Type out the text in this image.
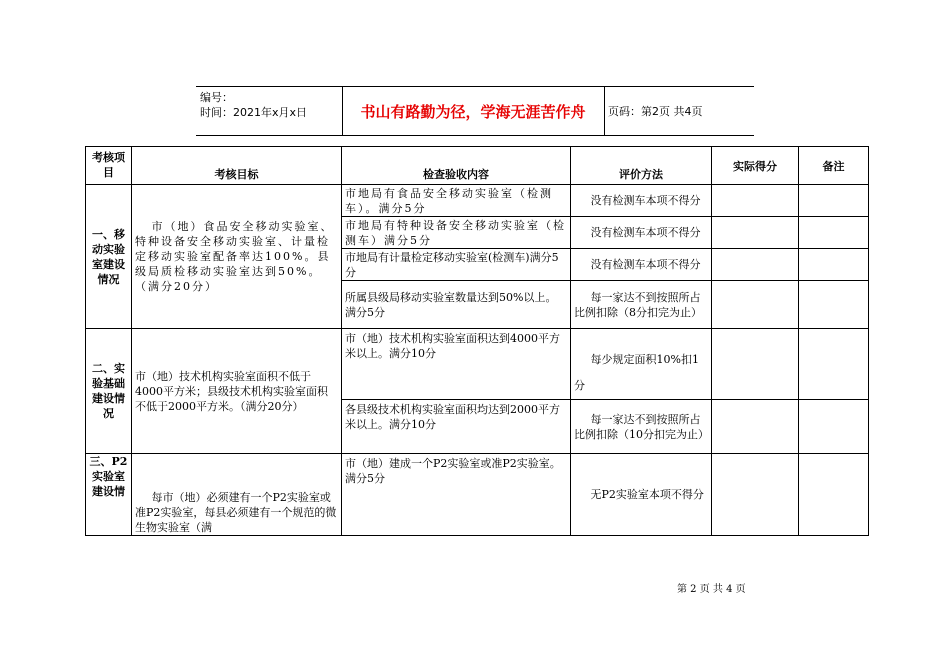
编号：
时间：2021年x月x日	书山有路勤为径，学海无涯苦作舟	页码：第2页 共4页
考核项目	考核目标	检查验收内容	评价方法	实际得分	备注
一、移动实验室建设情况	市（地）食品安全移动实验室、特种设备安全移动实验室、计量检定移动实验室配备率达100%。县级局质检移动实验室达到50%。（满分20分）	市地局有食品安全移动实验室（检测车）。满分5分	没有检测车本项不得分		
		市地局有特种设备安全移动实验室（检测车）满分5分	没有检测车本项不得分		
		市地局有计量检定移动实验室(检测车)满分5分	没有检测车本项不得分		
		所属县级局移动实验室数量达到50%以上。满分5分	每一家达不到按照所占比例扣除（8分扣完为止）		
二、实验基础建设情况	市（地）技术机构实验室面积不低于4000平方米；县级技术机构实验室面积不低于2000平方米。（满分20分）	市（地）技术机构实验室面积达到4000平方米以上。满分10分	每少规定面积10%扣1分		
		各县级技术机构实验室面积均达到2000平方米以上。满分10分	每一家达不到按照所占比例扣除（10分扣完为止）		
三、P2实验室建设情	每市（地）必须建有一个P2实验室或准P2实验室，每县必须建有一个规范的微生物实验室（满	市（地）建成一个P2实验室或准P2实验室。满分5分	无P2实验室本项不得分		
第 2 页 共 4 页
